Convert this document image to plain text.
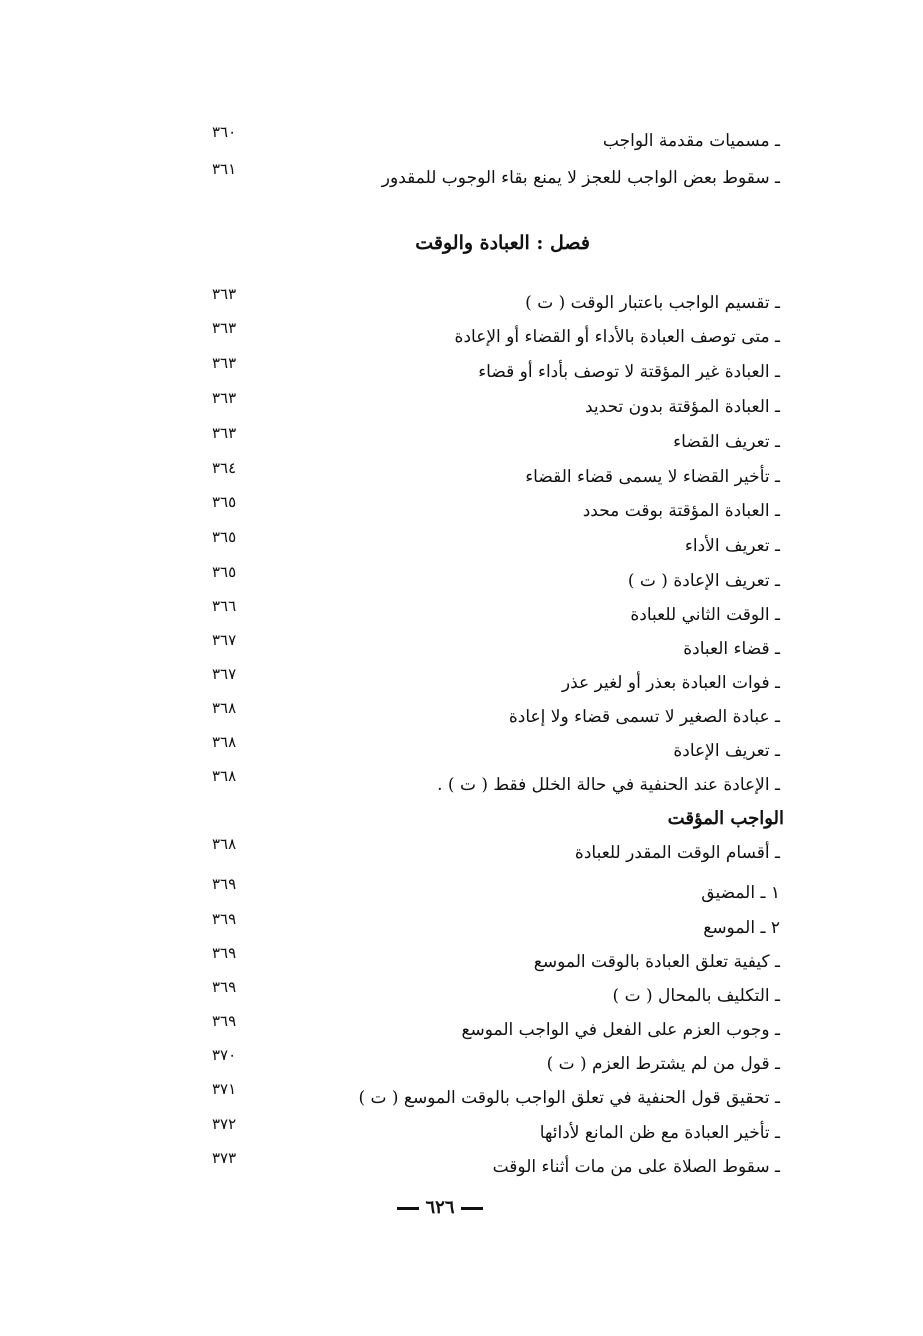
ـ مسميات مقدمة الواجب
٣٦٠
ـ سقوط بعض الواجب للعجز لا يمنع بقاء الوجوب للمقدور
٣٦١
فصل : العبادة والوقت
ـ تقسيم الواجب باعتبار الوقت ( ت )
٣٦٣
ـ متى توصف العبادة بالأداء أو القضاء أو الإعادة
٣٦٣
ـ العبادة غير المؤقتة لا توصف بأداء أو قضاء
٣٦٣
ـ العبادة المؤقتة بدون تحديد
٣٦٣
ـ تعريف القضاء
٣٦٣
ـ تأخير القضاء لا يسمى قضاء القضاء
٣٦٤
ـ العبادة المؤقتة بوقت محدد
٣٦٥
ـ تعريف الأداء
٣٦٥
ـ تعريف الإعادة ( ت )
٣٦٥
ـ الوقت الثاني للعبادة
٣٦٦
ـ قضاء العبادة
٣٦٧
ـ فوات العبادة بعذر أو لغير عذر
٣٦٧
ـ عبادة الصغير لا تسمى قضاء ولا إعادة
٣٦٨
ـ تعريف الإعادة
٣٦٨
ـ الإعادة عند الحنفية في حالة الخلل فقط ( ت ) .
٣٦٨
الواجب المؤقت
ـ أقسام الوقت المقدر للعبادة
٣٦٨
١ ـ المضيق
٣٦٩
٢ ـ الموسع
٣٦٩
ـ كيفية تعلق العبادة بالوقت الموسع
٣٦٩
ـ التكليف بالمحال ( ت )
٣٦٩
ـ وجوب العزم على الفعل في الواجب الموسع
٣٦٩
ـ قول من لم يشترط العزم ( ت )
٣٧٠
ـ تحقيق قول الحنفية في تعلق الواجب بالوقت الموسع ( ت )
٣٧١
ـ تأخير العبادة مع ظن المانع لأدائها
٣٧٢
ـ سقوط الصلاة على من مات أثناء الوقت
٣٧٣
٦٢٦
